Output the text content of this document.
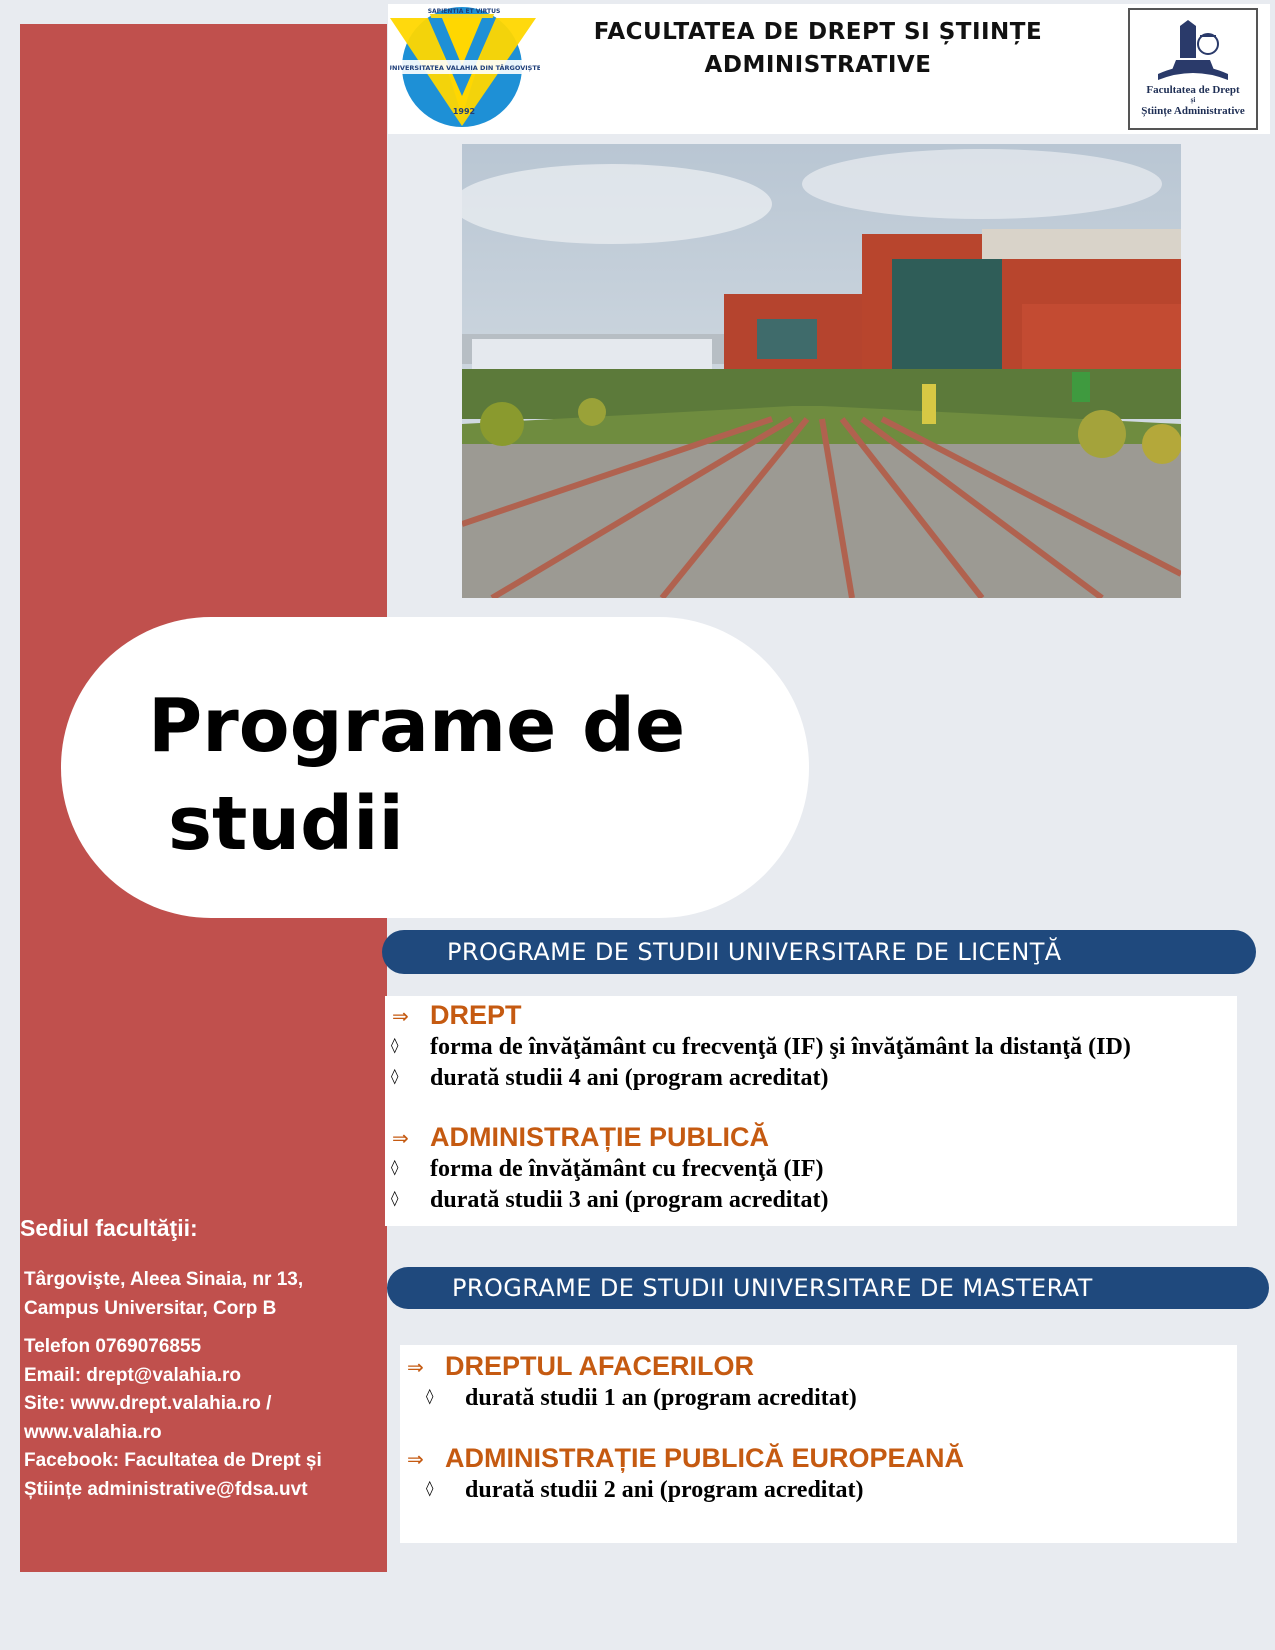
UNIVERSITATEA VALAHIA DIN TÂRGOVIȘTE
SAPIENTIA ET VIRTUS
1992
FACULTATEA DE DREPT SI ȘTIINȚE
ADMINISTRATIVE
Facultatea de Drept
și
Științe Administrative
Programe de
studii
PROGRAME DE STUDII UNIVERSITARE DE LICENŢĂ
⇒ DREPT
◊ forma de învăţământ cu frecvenţă (IF) şi învăţământ la distanţă (ID)
◊ durată studii 4 ani (program acreditat)
⇒ ADMINISTRAȚIE PUBLICĂ
◊ forma de învăţământ cu frecvenţă (IF)
◊ durată studii 3 ani (program acreditat)
PROGRAME DE STUDII UNIVERSITARE DE MASTERAT
⇒ DREPTUL AFACERILOR
◊ durată studii 1 an (program acreditat)
⇒ ADMINISTRAȚIE PUBLICĂ EUROPEANĂ
◊ durată studii 2 ani (program acreditat)
Sediul facultăţii:
Târgovişte, Aleea Sinaia, nr 13,
Campus Universitar, Corp B
Telefon 0769076855
Email: drept@valahia.ro
Site: www.drept.valahia.ro /
www.valahia.ro
Facebook: Facultatea de Drept și
Științe administrative@fdsa.uvt
